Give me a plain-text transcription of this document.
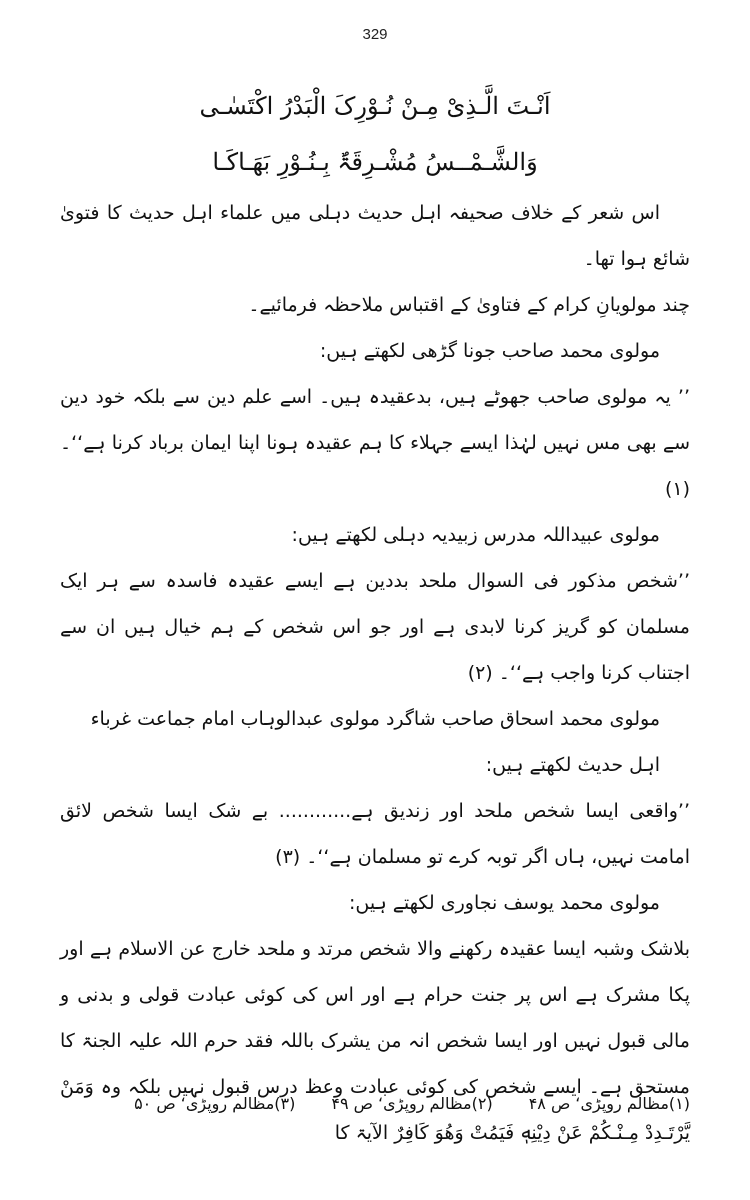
329
اَنْـتَ الَّـذِیْ مِـنْ نُـوْرِکَ الْبَدْرُ اکْتَسٰـی
وَالشَّـمْــسُ مُشْـرِقَۃٌ بِـنُـوْرِ بَهَـاکَـا

اس شعر کے خلاف صحیفہ اہل حدیث دہلی میں علماء اہل حدیث کا فتویٰ شائع ہوا تھا۔

چند مولویانِ کرام کے فتاویٰ کے اقتباس ملاحظہ فرمائیے۔

مولوی محمد صاحب جونا گڑھی لکھتے ہیں:

’’ یہ مولوی صاحب جھوٹے ہیں، بدعقیدہ ہیں۔ اسے علم دین سے بلکہ خود دین سے بھی مس نہیں لہٰذا ایسے جہلاء کا ہم عقیدہ ہونا اپنا ایمان برباد کرنا ہے‘‘۔ (۱)

مولوی عبیداللہ مدرس زبیدیہ دہلی لکھتے ہیں:

’’شخص مذکور فی السوال ملحد بددین ہے ایسے عقیدہ فاسدہ سے ہر ایک مسلمان کو گریز کرنا لابدی ہے اور جو اس شخص کے ہم خیال ہیں ان سے اجتناب کرنا واجب ہے‘‘۔ (۲)

مولوی محمد اسحاق صاحب شاگرد مولوی عبدالوہاب امام جماعت غرباء اہل حدیث لکھتے ہیں:

’’واقعی ایسا شخص ملحد اور زندیق ہے............ بے شک ایسا شخص لائق امامت نہیں، ہاں اگر توبہ کرے تو مسلمان ہے‘‘۔ (۳)

مولوی محمد یوسف نجاوری لکھتے ہیں:

بلاشک وشبہ ایسا عقیدہ رکھنے والا شخص مرتد و ملحد خارج عن الاسلام ہے اور پکا مشرک ہے اس پر جنت حرام ہے اور اس کی کوئی عبادت قولی و بدنی و مالی قبول نہیں اور ایسا شخص انہ من یشرک باللہ فقد حرم اللہ علیہ الجنۃ کا مستحق ہے۔ ایسے شخص کی کوئی عبادت وعظ درس قبول نہیں بلکہ وہ وَمَنْ یَّرْتَـدِدْ مِـنْـکُمْ عَنْ دِیْنِهٖ فَیَمُتْ وَهُوَ کَافِرٌ الآیۃ کا

(۱)مظالم روپڑی‘ ص ۴۸
(۲)مظالم روپڑی‘ ص ۴۹
(۳)مظالم روپڑی‘ ص ۵۰
